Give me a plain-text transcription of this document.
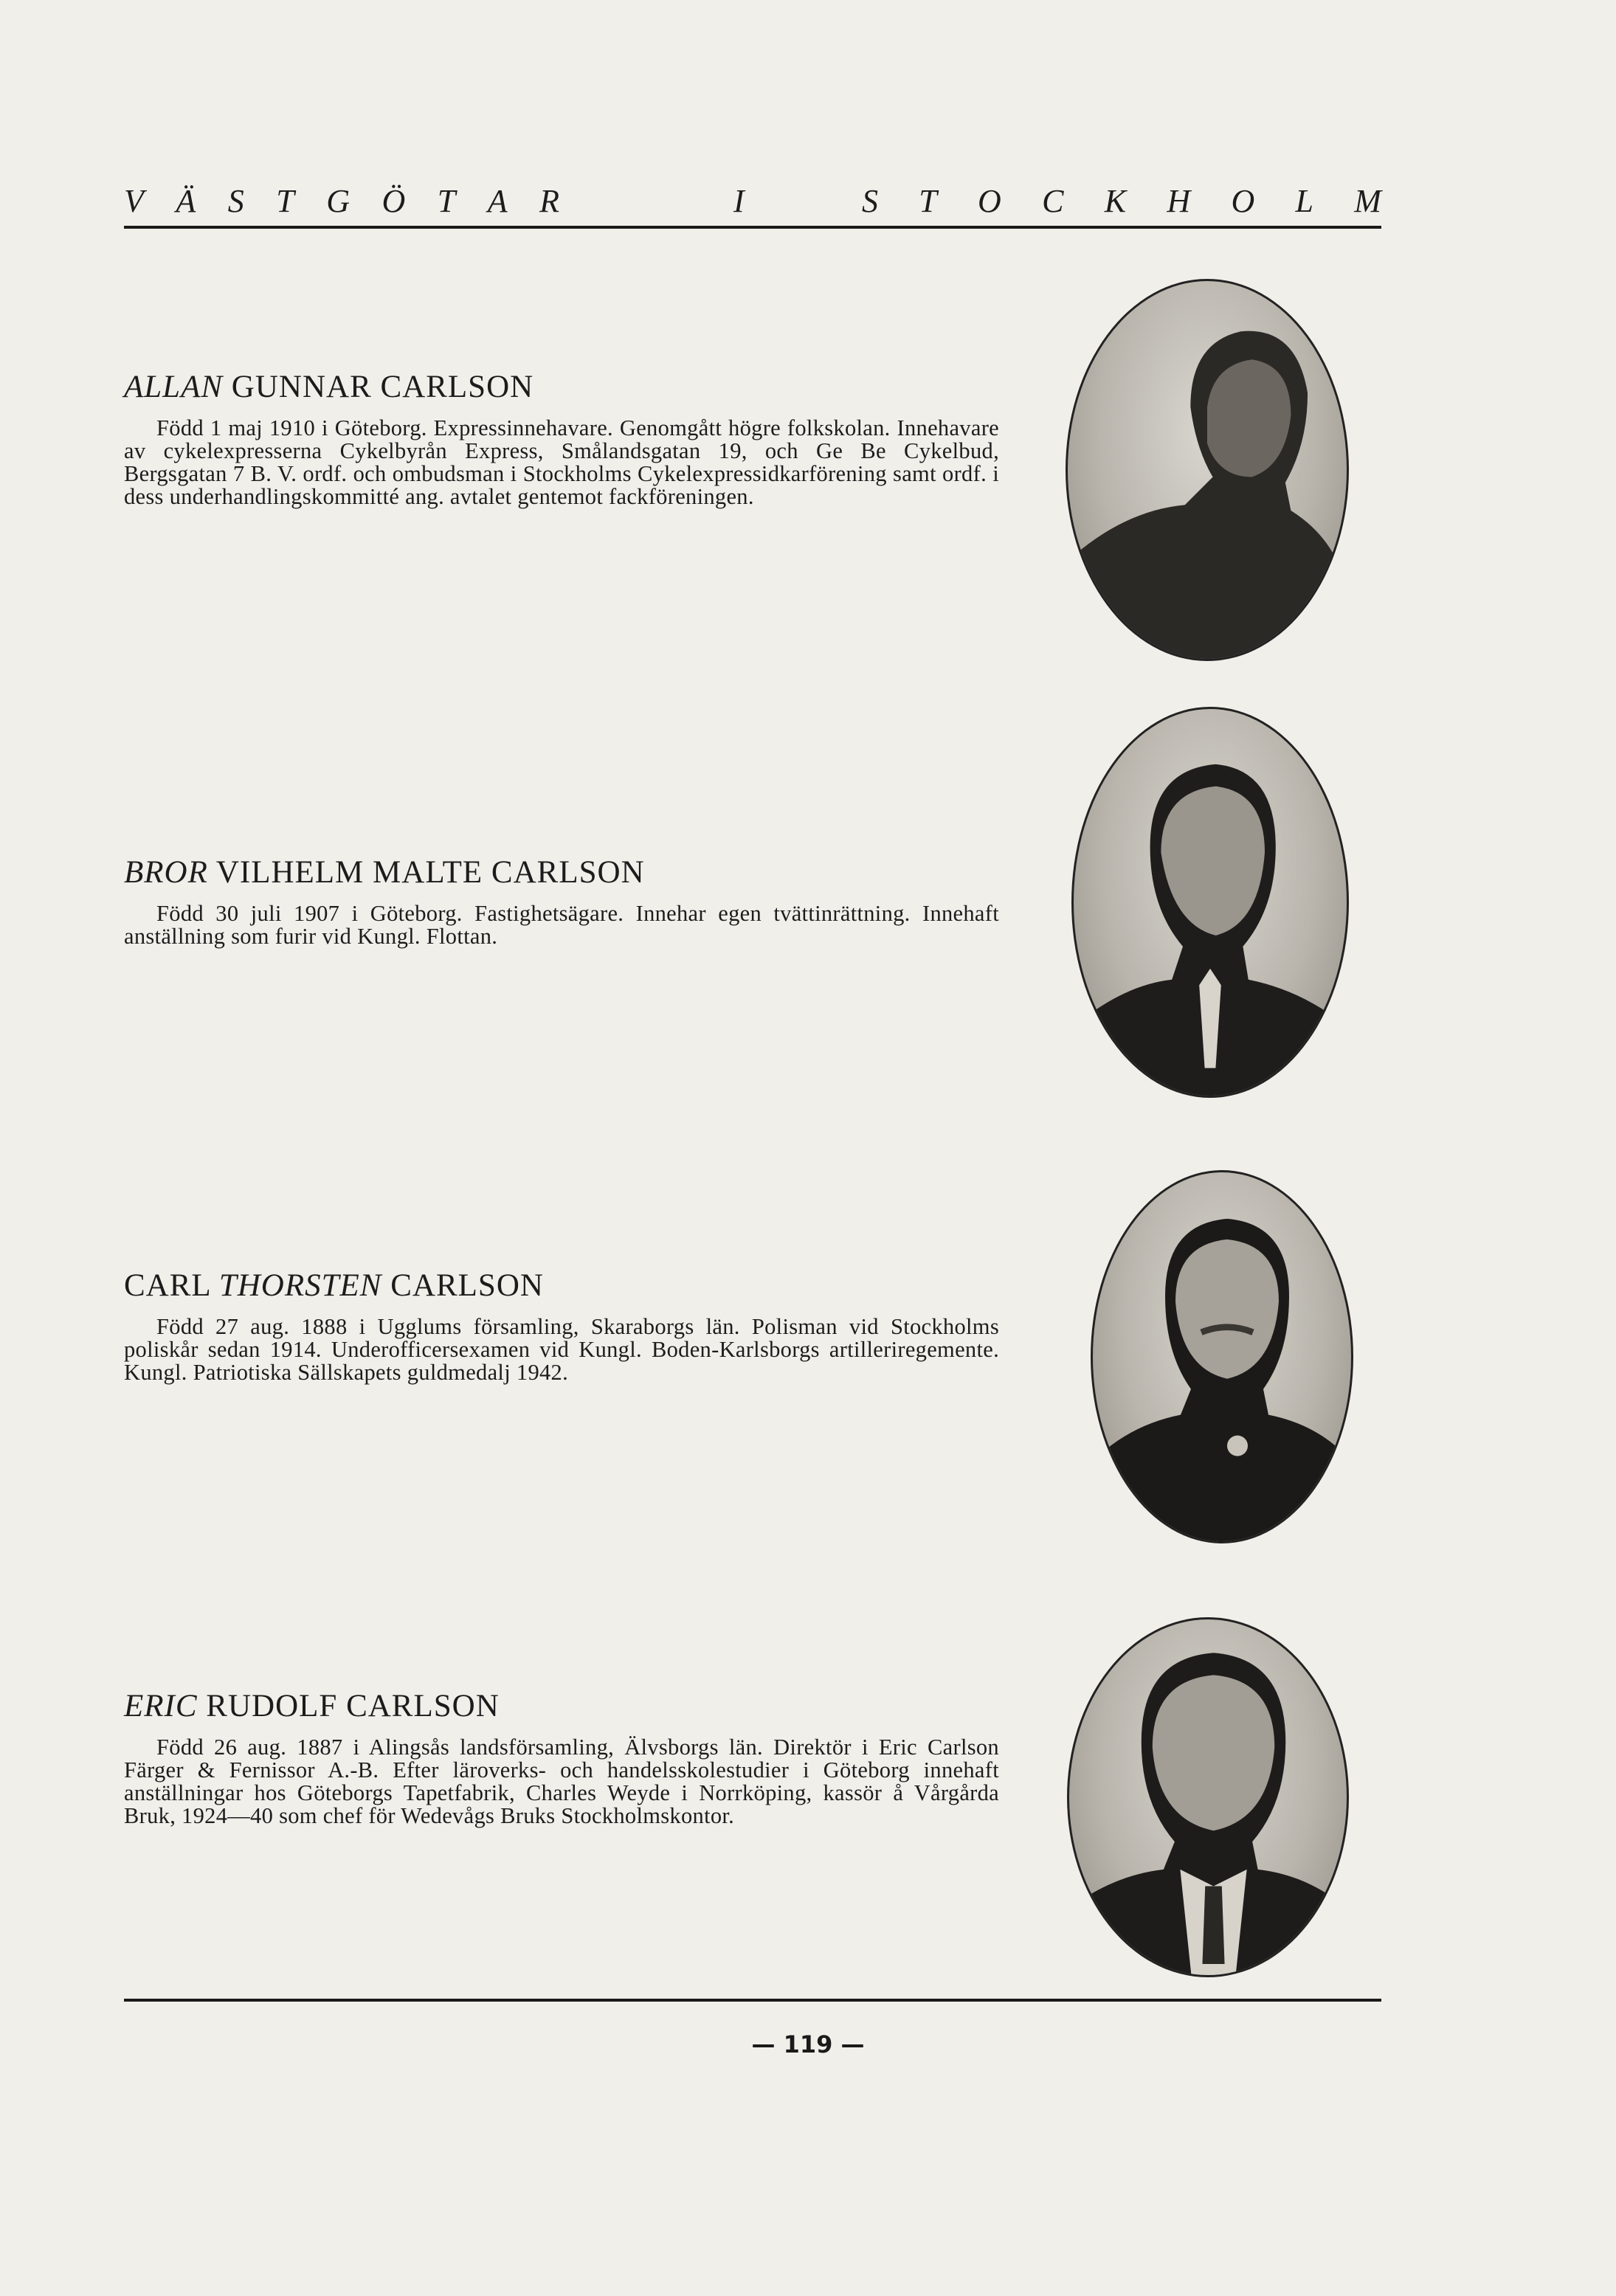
V Ä S T G Ö T A R	I	S T O C K H O L M

ALLAN GUNNAR CARLSON

Född 1 maj 1910 i Göteborg. Expressinnehavare. Genomgått högre folkskolan. Innehavare av cykelexpresserna Cykelbyrån Express, Smålandsgatan 19, och Ge Be Cykelbud, Bergsgatan 7 B. V. ordf. och ombudsman i Stockholms Cykelexpressidkarförening samt ordf. i dess underhandlingskommitté ang. avtalet gentemot fackföreningen.

BROR VILHELM MALTE CARLSON

Född 30 juli 1907 i Göteborg. Fastighetsägare. Innehar egen tvättinrättning. Innehaft anställning som furir vid Kungl. Flottan.

CARL THORSTEN CARLSON

Född 27 aug. 1888 i Ugglums församling, Skaraborgs län. Polisman vid Stockholms poliskår sedan 1914. Underofficersexamen vid Kungl. Boden-Karlsborgs artilleriregemente. Kungl. Patriotiska Sällskapets guldmedalj 1942.

ERIC RUDOLF CARLSON

Född 26 aug. 1887 i Alingsås landsförsamling, Älvsborgs län. Direktör i Eric Carlson Färger & Fernissor A.-B. Efter läroverks- och handelsskolestudier i Göteborg innehaft anställningar hos Göteborgs Tapetfabrik, Charles Weyde i Norrköping, kassör å Vårgårda Bruk, 1924—40 som chef för Wedevågs Bruks Stockholmskontor.

— 119 —
